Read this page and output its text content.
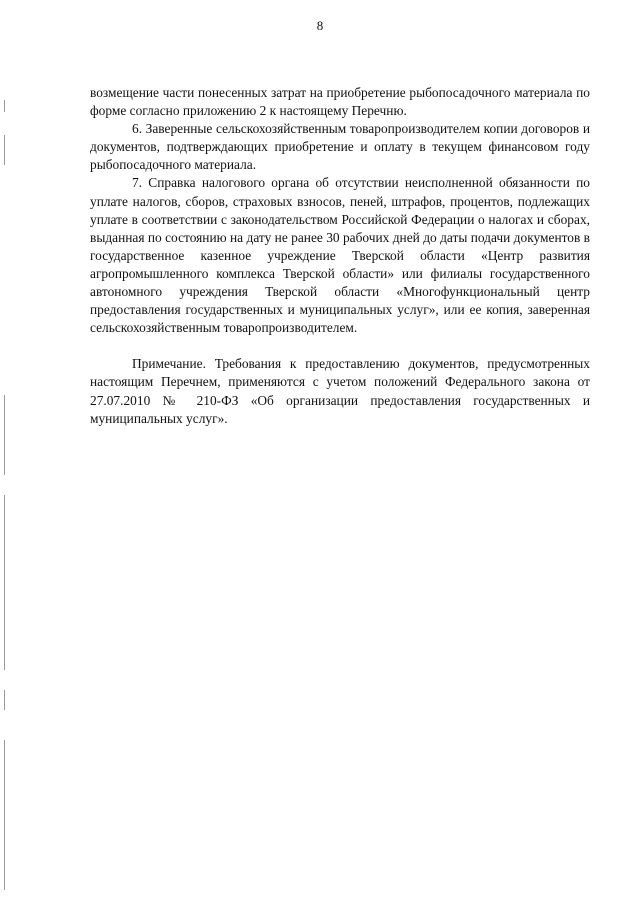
8

возмещение части понесенных затрат на приобретение рыбопосадочного материала по форме согласно приложению 2 к настоящему Перечню.

6. Заверенные сельскохозяйственным товаропроизводителем копии договоров и документов, подтверждающих приобретение и оплату в текущем финансовом году рыбопосадочного материала.

7. Справка налогового органа об отсутствии неисполненной обязанности по уплате налогов, сборов, страховых взносов, пеней, штрафов, процентов, подлежащих уплате в соответствии с законодательством Российской Федерации о налогах и сборах, выданная по состоянию на дату не ранее 30 рабочих дней до даты подачи документов в государственное казенное учреждение Тверской области «Центр развития агропромышленного комплекса Тверской области» или филиалы государственного автономного учреждения Тверской области «Многофункциональный центр предоставления государственных и муниципальных услуг», или ее копия, заверенная сельскохозяйственным товаропроизводителем.

Примечание. Требования к предоставлению документов, предусмотренных настоящим Перечнем, применяются с учетом положений Федерального закона от 27.07.2010 № 210-ФЗ «Об организации предоставления государственных и муниципальных услуг».
